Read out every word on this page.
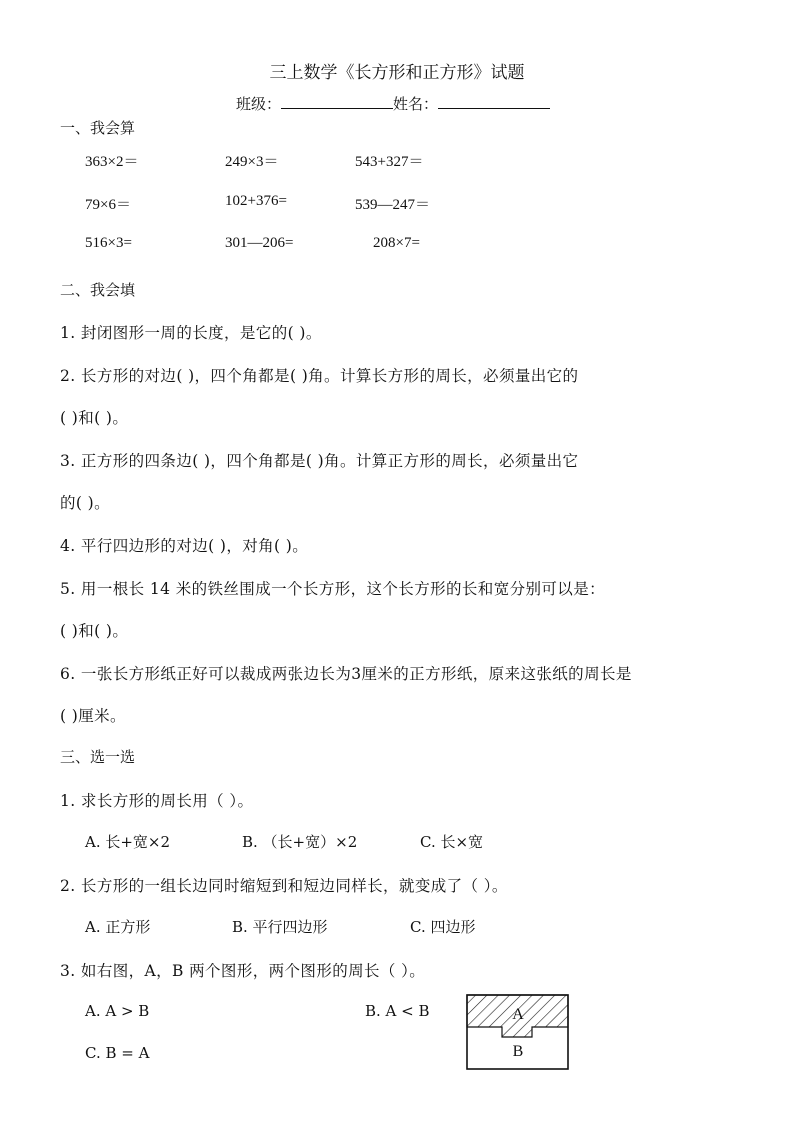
三上数学《长方形和正方形》试题
班级：	姓名：
一、我会算
363×2＝	249×3＝	543+327＝
79×6＝	102+376=	539—247＝
516×3=	301—206=	208×7=
二、我会填
1. 封闭图形一周的长度，是它的( )。
2. 长方形的对边( )，四个角都是( )角。计算长方形的周长，必须量出它的
( )和( )。
3. 正方形的四条边( )，四个角都是( )角。计算正方形的周长，必须量出它
的( )。
4. 平行四边形的对边( )，对角( )。
5. 用一根长 14 米的铁丝围成一个长方形，这个长方形的长和宽分别可以是：
( )和( )。
6. 一张长方形纸正好可以裁成两张边长为3厘米的正方形纸，原来这张纸的周长是
( )厘米。
三、选一选
1. 求长方形的周长用（ ）。
A. 长+宽×2	B. （长+宽）×2	C. 长×宽
2. 长方形的一组长边同时缩短到和短边同样长，就变成了（ ）。
A. 正方形	B. 平行四边形	C. 四边形
3. 如右图，A，B 两个图形，两个图形的周长（ ）。
A. A > B	B. A < B
C. B = A
A
B
